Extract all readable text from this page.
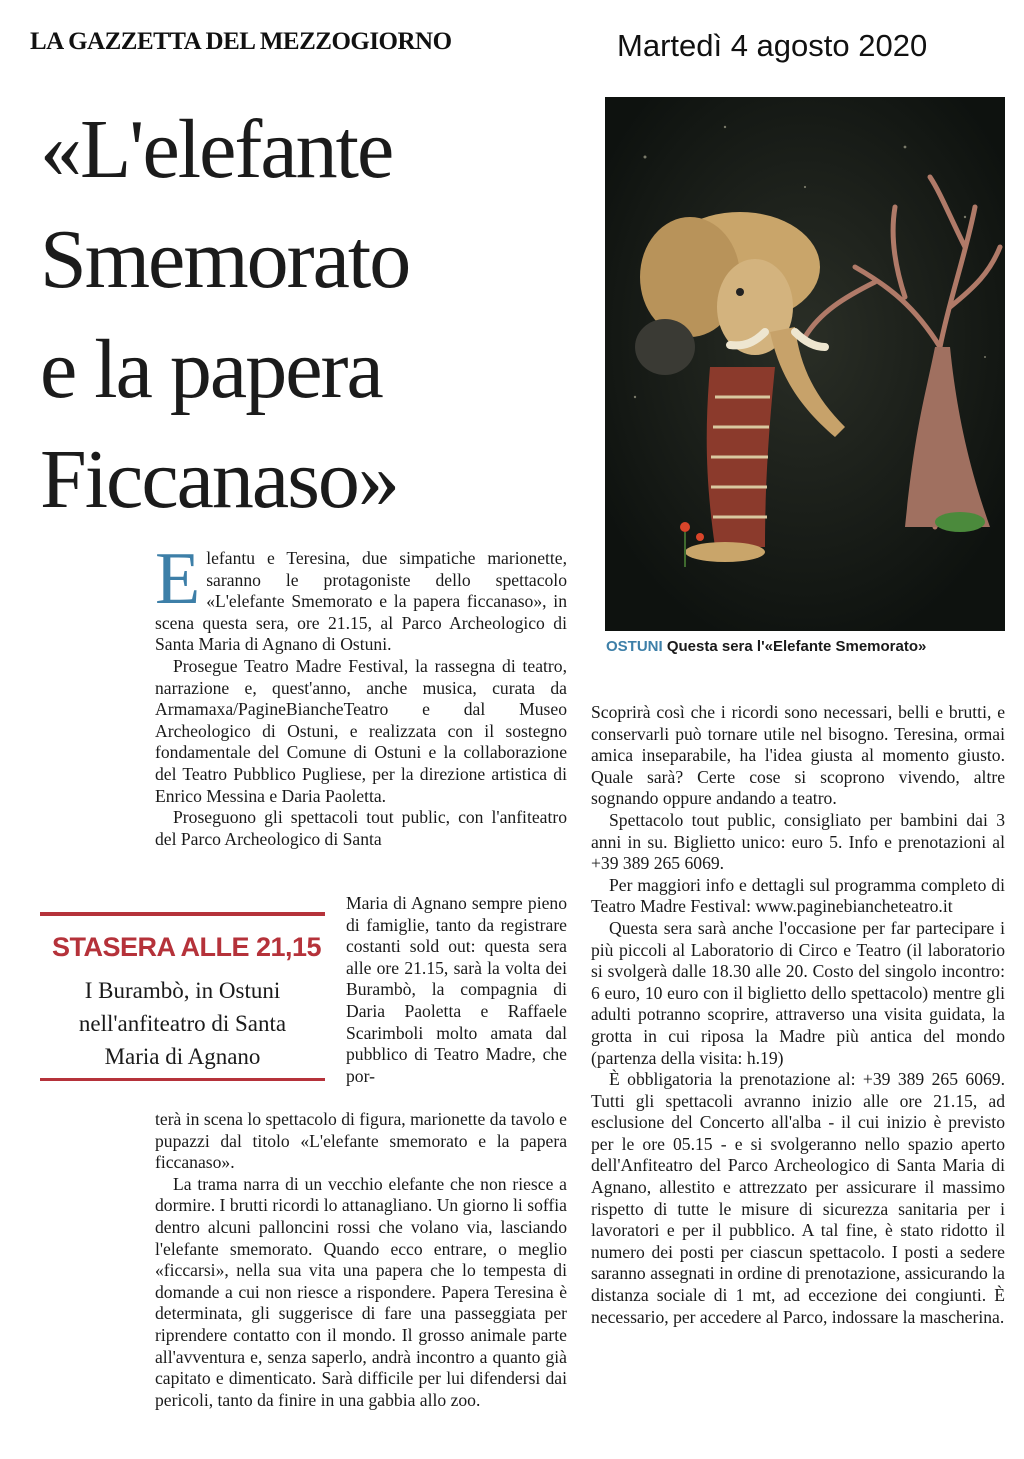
LA GAZZETTA DEL MEZZOGIORNO	Martedì 4 agosto 2020
«L'elefante
Smemorato
e la papera
Ficcanaso»
OSTUNI Questa sera l'«Elefante Smemorato»

Elefantu e Teresina, due simpatiche marionette, saranno le protagoniste dello spettacolo «L'elefante Smemorato e la papera ficcanaso», in scena questa sera, ore 21.15, al Parco Archeologico di Santa Maria di Agnano di Ostuni.

Prosegue Teatro Madre Festival, la rassegna di teatro, narrazione e, quest'anno, anche musica, curata da Armamaxa/PagineBiancheTeatro e dal Museo Archeologico di Ostuni, e realizzata con il sostegno fondamentale del Comune di Ostuni e la collaborazione del Teatro Pubblico Pugliese, per la direzione artistica di Enrico Messina e Daria Paoletta.

Proseguono gli spettacoli tout public, con l'anfiteatro del Parco Archeologico di Santa

Maria di Agnano sempre pieno di famiglie, tanto da registrare costanti sold out: questa sera alle ore 21.15, sarà la volta dei Burambò, la compagnia di Daria Paoletta e Raffaele Scarimboli molto amata dal pubblico di Teatro Madre, che por-

STASERA ALLE 21,15
I Burambò, in Ostuni
nell'anfiteatro di Santa
Maria di Agnano

terà in scena lo spettacolo di figura, marionette da tavolo e pupazzi dal titolo «L'elefante smemorato e la papera ficcanaso».

La trama narra di un vecchio elefante che non riesce a dormire. I brutti ricordi lo attanagliano. Un giorno li soffia dentro alcuni palloncini rossi che volano via, lasciando l'elefante smemorato. Quando ecco entrare, o meglio «ficcarsi», nella sua vita una papera che lo tempesta di domande a cui non riesce a rispondere. Papera Teresina è determinata, gli suggerisce di fare una passeggiata per riprendere contatto con il mondo. Il grosso animale parte all'avventura e, senza saperlo, andrà incontro a quanto già capitato e dimenticato. Sarà difficile per lui difendersi dai pericoli, tanto da finire in una gabbia allo zoo.

Scoprirà così che i ricordi sono necessari, belli e brutti, e conservarli può tornare utile nel bisogno. Teresina, ormai amica inseparabile, ha l'idea giusta al momento giusto. Quale sarà? Certe cose si scoprono vivendo, altre sognando oppure andando a teatro.

Spettacolo tout public, consigliato per bambini dai 3 anni in su. Biglietto unico: euro 5. Info e prenotazioni al +39 389 265 6069.

Per maggiori info e dettagli sul programma completo di Teatro Madre Festival: www.paginebiancheteatro.it

Questa sera sarà anche l'occasione per far partecipare i più piccoli al Laboratorio di Circo e Teatro (il laboratorio si svolgerà dalle 18.30 alle 20. Costo del singolo incontro: 6 euro, 10 euro con il biglietto dello spettacolo) mentre gli adulti potranno scoprire, attraverso una visita guidata, la grotta in cui riposa la Madre più antica del mondo (partenza della visita: h.19)

È obbligatoria la prenotazione al: +39 389 265 6069. Tutti gli spettacoli avranno inizio alle ore 21.15, ad esclusione del Concerto all'alba - il cui inizio è previsto per le ore 05.15 - e si svolgeranno nello spazio aperto dell'Anfiteatro del Parco Archeologico di Santa Maria di Agnano, allestito e attrezzato per assicurare il massimo rispetto di tutte le misure di sicurezza sanitaria per i lavoratori e per il pubblico. A tal fine, è stato ridotto il numero dei posti per ciascun spettacolo. I posti a sedere saranno assegnati in ordine di prenotazione, assicurando la distanza sociale di 1 mt, ad eccezione dei congiunti. È necessario, per accedere al Parco, indossare la mascherina.
